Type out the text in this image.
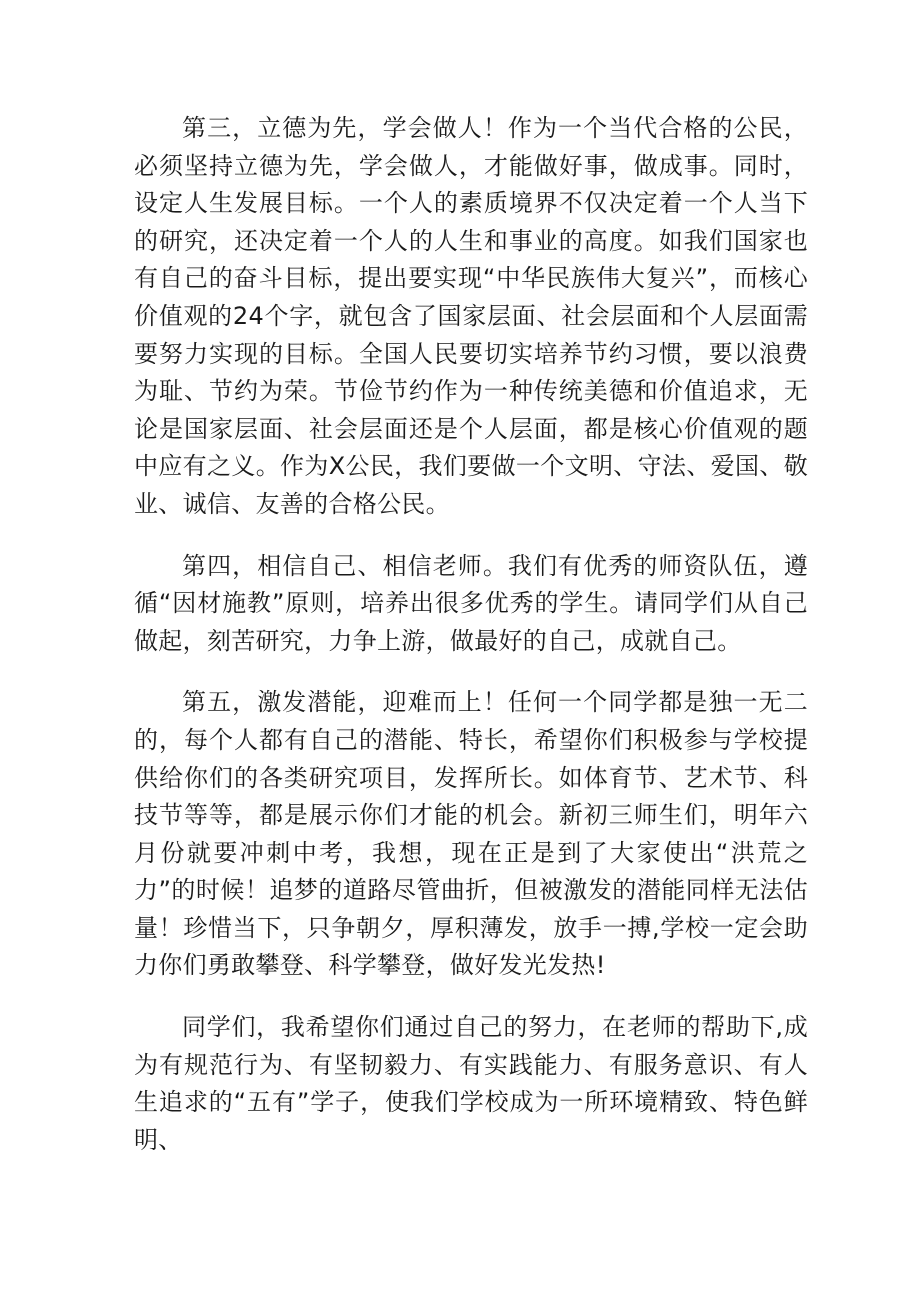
第三，立德为先，学会做人！作为一个当代合格的公民，必须坚持立德为先，学会做人，才能做好事，做成事。同时，设定人生发展目标。一个人的素质境界不仅决定着一个人当下的研究，还决定着一个人的人生和事业的高度。如我们国家也有自己的奋斗目标，提出要实现“中华民族伟大复兴”，而核心价值观的24个字，就包含了国家层面、社会层面和个人层面需要努力实现的目标。全国人民要切实培养节约习惯，要以浪费为耻、节约为荣。节俭节约作为一种传统美德和价值追求，无论是国家层面、社会层面还是个人层面，都是核心价值观的题中应有之义。作为X公民，我们要做一个文明、守法、爱国、敬业、诚信、友善的合格公民。

第四，相信自己、相信老师。我们有优秀的师资队伍，遵循“因材施教”原则，培养出很多优秀的学生。请同学们从自己做起，刻苦研究，力争上游，做最好的自己，成就自己。

第五，激发潜能，迎难而上！任何一个同学都是独一无二的，每个人都有自己的潜能、特长，希望你们积极参与学校提供给你们的各类研究项目，发挥所长。如体育节、艺术节、科技节等等，都是展示你们才能的机会。新初三师生们，明年六月份就要冲刺中考，我想，现在正是到了大家使出“洪荒之力”的时候！追梦的道路尽管曲折，但被激发的潜能同样无法估量！珍惜当下，只争朝夕，厚积薄发，放手一搏,学校一定会助力你们勇敢攀登、科学攀登，做好发光发热!

同学们，我希望你们通过自己的努力，在老师的帮助下,成为有规范行为、有坚韧毅力、有实践能力、有服务意识、有人生追求的“五有”学子，使我们学校成为一所环境精致、特色鲜明、
